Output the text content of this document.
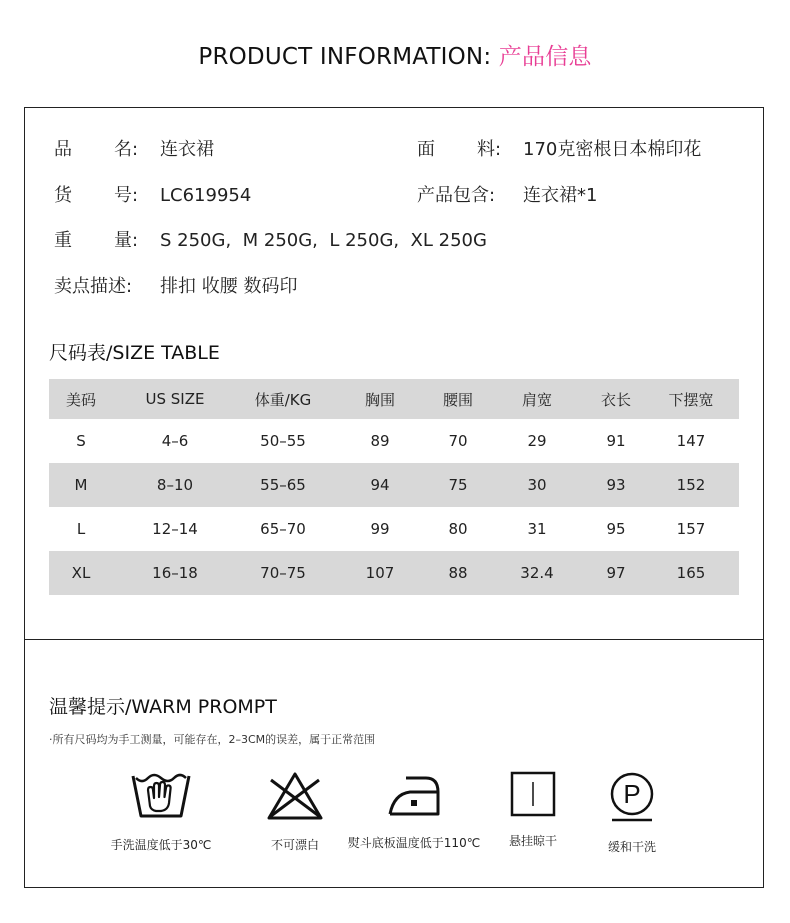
PRODUCT INFORMATION: 产品信息
品 名: 连衣裙	面 料: 170克密根日本棉印花
货 号: LC619954	产品包含: 连衣裙*1
重 量: S 250G,  M 250G,  L 250G,  XL 250G
卖点描述: 排扣 收腰 数码印
尺码表/SIZE TABLE
美码	US SIZE	体重/KG	胸围	腰围	肩宽	衣长	下摆宽
S	4–6	50–55	89	70	29	91	147
M	8–10	55–65	94	75	30	93	152
L	12–14	65–70	99	80	31	95	157
XL	16–18	70–75	107	88	32.4	97	165
温馨提示/WARM PROMPT
·所有尺码均为手工测量，可能存在，2–3CM的误差，属于正常范围
手洗温度低于30℃	不可漂白	熨斗底板温度低于110℃	悬挂晾干
P
缓和干洗
